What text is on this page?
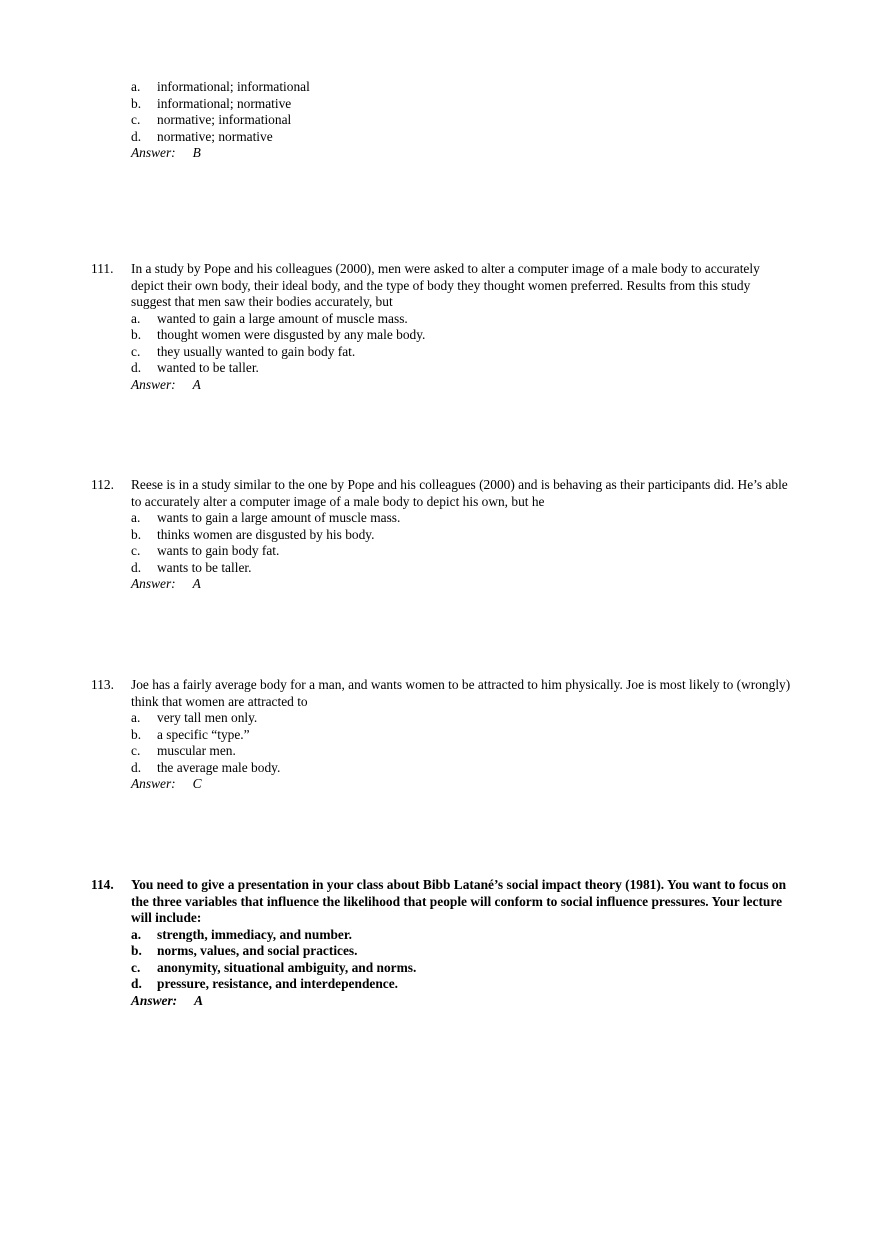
a. informational; informational
b. informational; normative
c. normative; informational
d. normative; normative
Answer: B
111. In a study by Pope and his colleagues (2000), men were asked to alter a computer image of a male body to accurately depict their own body, their ideal body, and the type of body they thought women preferred. Results from this study suggest that men saw their bodies accurately, but
a. wanted to gain a large amount of muscle mass.
b. thought women were disgusted by any male body.
c. they usually wanted to gain body fat.
d. wanted to be taller.
Answer: A
112. Reese is in a study similar to the one by Pope and his colleagues (2000) and is behaving as their participants did. He’s able to accurately alter a computer image of a male body to depict his own, but he
a. wants to gain a large amount of muscle mass.
b. thinks women are disgusted by his body.
c. wants to gain body fat.
d. wants to be taller.
Answer: A
113. Joe has a fairly average body for a man, and wants women to be attracted to him physically. Joe is most likely to (wrongly) think that women are attracted to
a. very tall men only.
b. a specific “type.”
c. muscular men.
d. the average male body.
Answer: C
114. You need to give a presentation in your class about Bibb Latané’s social impact theory (1981). You want to focus on the three variables that influence the likelihood that people will conform to social influence pressures. Your lecture will include:
a. strength, immediacy, and number.
b. norms, values, and social practices.
c. anonymity, situational ambiguity, and norms.
d. pressure, resistance, and interdependence.
Answer: A
